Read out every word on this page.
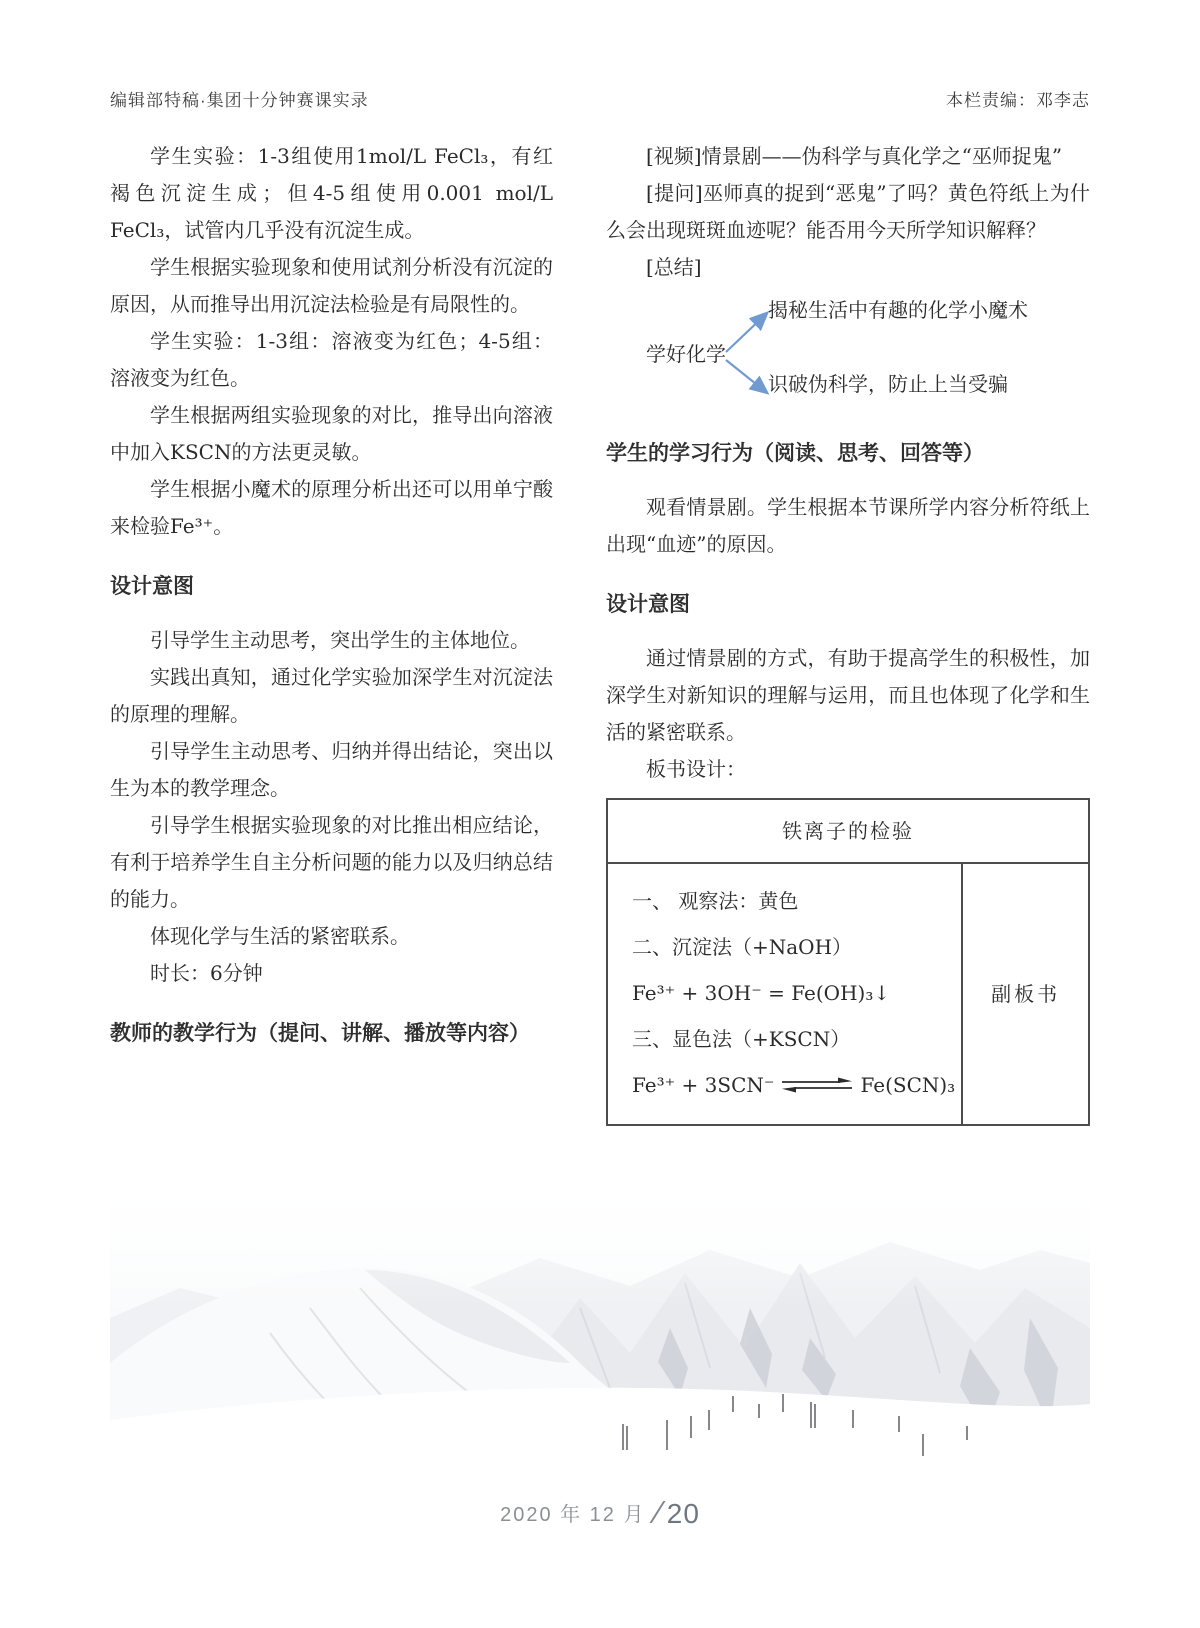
编辑部特稿·集团十分钟赛课实录	本栏责编：邓李志

学生实验：1-3组使用1mol/L FeCl₃，有红褐色沉淀生成；但4-5组使用0.001 mol/L FeCl₃，试管内几乎没有沉淀生成。

学生根据实验现象和使用试剂分析没有沉淀的原因，从而推导出用沉淀法检验是有局限性的。

学生实验：1-3组：溶液变为红色；4-5组：溶液变为红色。

学生根据两组实验现象的对比，推导出向溶液中加入KSCN的方法更灵敏。

学生根据小魔术的原理分析出还可以用单宁酸来检验Fe³⁺。

设计意图

引导学生主动思考，突出学生的主体地位。

实践出真知，通过化学实验加深学生对沉淀法的原理的理解。

引导学生主动思考、归纳并得出结论，突出以生为本的教学理念。

引导学生根据实验现象的对比推出相应结论，有利于培养学生自主分析问题的能力以及归纳总结的能力。

体现化学与生活的紧密联系。

时长：6分钟

教师的教学行为（提问、讲解、播放等内容）

[视频]情景剧——伪科学与真化学之“巫师捉鬼”

[提问]巫师真的捉到“恶鬼”了吗？黄色符纸上为什么会出现斑斑血迹呢？能否用今天所学知识解释？

[总结]

学好化学
揭秘生活中有趣的化学小魔术
识破伪科学，防止上当受骗
学生的学习行为（阅读、思考、回答等）

观看情景剧。学生根据本节课所学内容分析符纸上出现“血迹”的原因。

设计意图

通过情景剧的方式，有助于提高学生的积极性，加深学生对新知识的理解与运用，而且也体现了化学和生活的紧密联系。

板书设计：

铁离子的检验
一、 观察法：黄色
二、沉淀法（+NaOH）
Fe³⁺ + 3OH⁻ = Fe(OH)₃↓
三、显色法（+KSCN）
Fe³⁺ + 3SCN⁻ ⇌ Fe(SCN)₃
副板书
2020 年 12 月 ∕ 20
